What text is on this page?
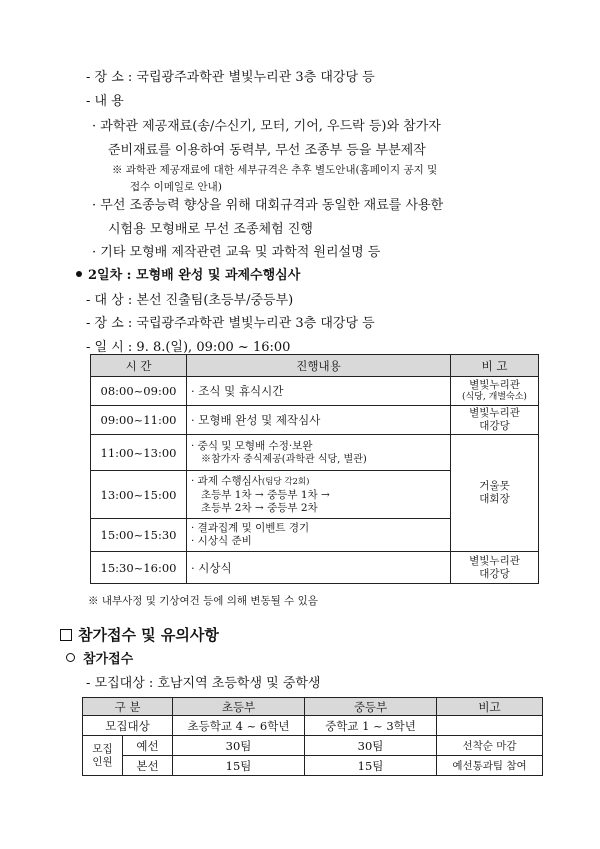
- 장 소 : 국립광주과학관 별빛누리관 3층 대강당 등
- 내 용
· 과학관 제공재료(송/수신기, 모터, 기어, 우드락 등)와 참가자
준비재료를 이용하여 동력부, 무선 조종부 등을 부분제작
※ 과학관 제공재료에 대한 세부규격은 추후 별도안내(홈페이지 공지 및
접수 이메일로 안내)
· 무선 조종능력 향상을 위해 대회규격과 동일한 재료를 사용한
시험용 모형배로 무선 조종체험 진행
· 기타 모형배 제작관련 교육 및 과학적 원리설명 등
2일차 : 모형배 완성 및 과제수행심사
- 대 상 : 본선 진출팀(초등부/중등부)
- 장 소 : 국립광주과학관 별빛누리관 3층 대강당 등
- 일 시 : 9. 8.(일), 09:00 ~ 16:00
시 간	진행내용	비 고
08:00~09:00	· 조식 및 휴식시간	별빛누리관
(식당, 개별숙소)

09:00~11:00	· 모형배 완성 및 제작심사	별빛누리관
대강당

11:00~13:00	· 중식 및 모형배 수정·보완
※참가자 중식제공(과학관 식당, 별관)	거울못
대회장

13:00~15:00	· 과제 수행심사(팀당 각2회)
초등부 1차 → 중등부 1차 →
초등부 2차 → 중등부 2차	

15:00~15:30	· 결과집계 및 이벤트 경기
· 시상식 준비	

15:30~16:00	· 시상식	별빛누리관
대강당
※ 내부사정 및 기상여건 등에 의해 변동될 수 있음
참가접수 및 유의사항
참가접수
- 모집대상 : 호남지역 초등학생 및 중학생
구 분		초등부	중등부	비고
모집대상		초등학교 4 ~ 6학년	중학교 1 ~ 3학년	

모집
인원	예선	30팀	30팀	선착순 마감
	본선	15팀	15팀	예선통과팀 참여
